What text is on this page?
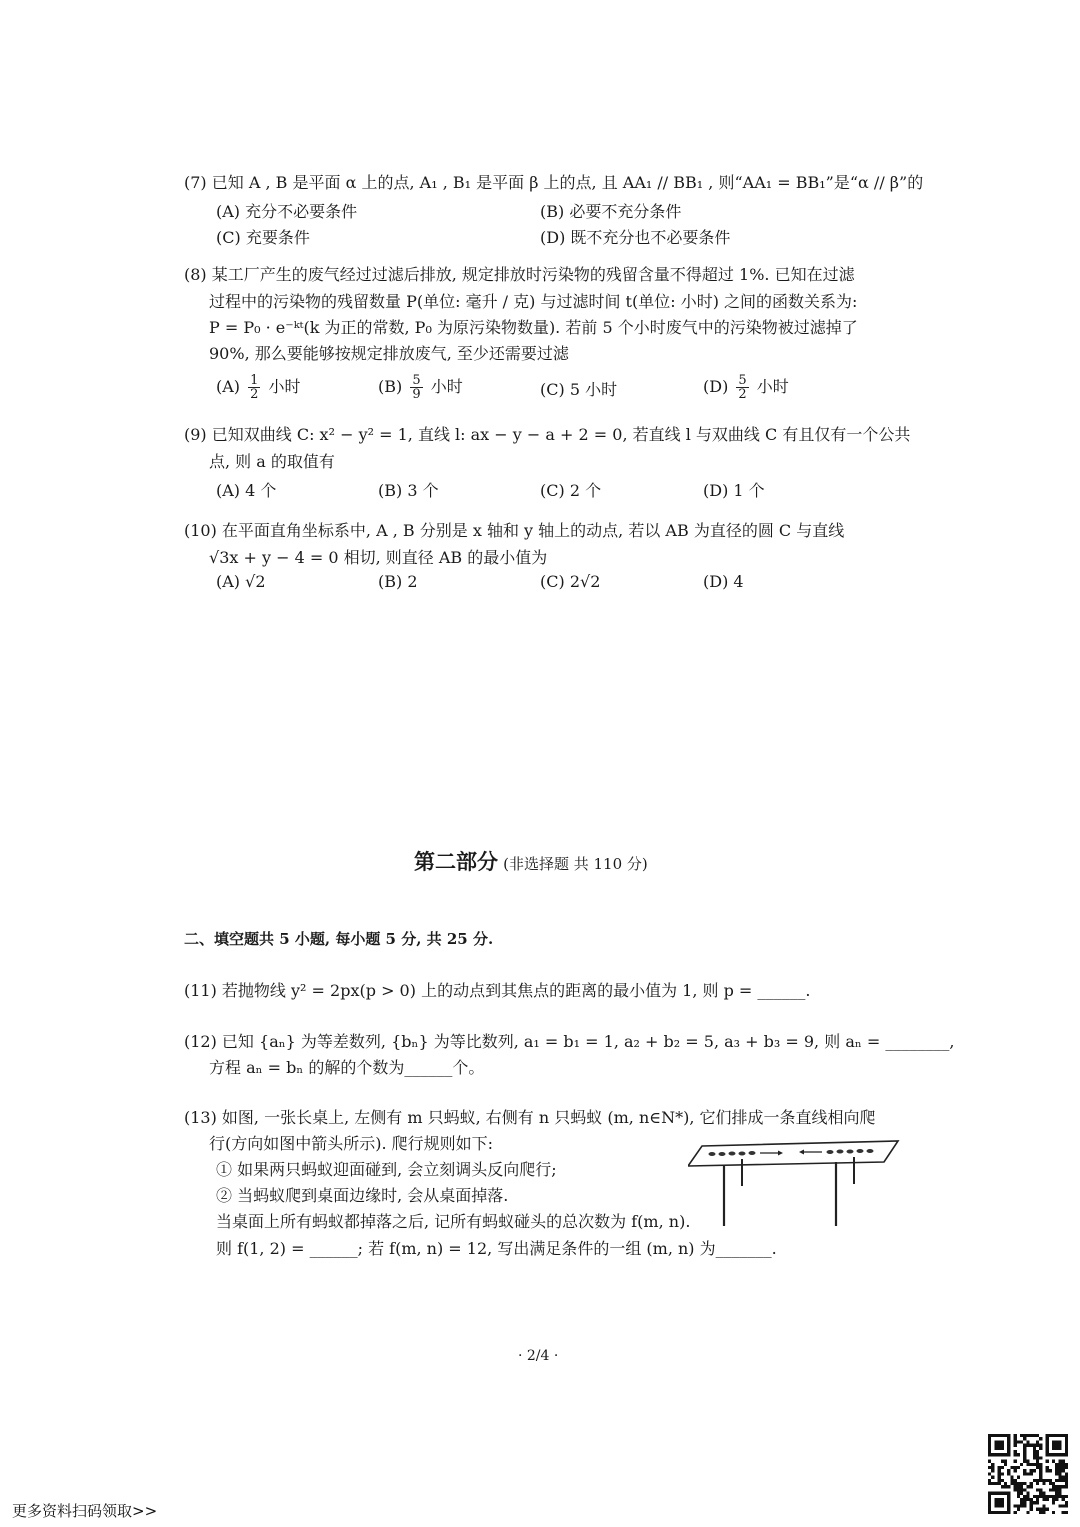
(7) 已知 A , B 是平面 α 上的点, A₁ , B₁ 是平面 β 上的点, 且 AA₁ // BB₁ , 则“AA₁ = BB₁”是“α // β”的
(A) 充分不必要条件	(B) 必要不充分条件
(C) 充要条件	(D) 既不充分也不必要条件
(8) 某工厂产生的废气经过过滤后排放, 规定排放时污染物的残留含量不得超过 1%. 已知在过滤
过程中的污染物的残留数量 P(单位: 毫升 / 克) 与过滤时间 t(单位: 小时) 之间的函数关系为:
P = P₀ · e⁻ᵏᵗ(k 为正的常数, P₀ 为原污染物数量). 若前 5 个小时废气中的污染物被过滤掉了
90%, 那么要能够按规定排放废气, 至少还需要过滤
$(A) \frac{1}{2}$ 小时	$(B) \frac{5}{9}$ 小时	(C) 5 小时	$(D) \frac{5}{2}$ 小时
(9) 已知双曲线 C: x² − y² = 1, 直线 l: ax − y − a + 2 = 0, 若直线 l 与双曲线 C 有且仅有一个公共
点, 则 a 的取值有
(A) 4 个	(B) 3 个	(C) 2 个	(D) 1 个
(10) 在平面直角坐标系中, A , B 分别是 x 轴和 y 轴上的动点, 若以 AB 为直径的圆 C 与直线
√3x + y − 4 = 0 相切, 则直径 AB 的最小值为
(A) √2	(B) 2	(C) 2√2	(D) 4
第二部分 (非选择题 共 110 分)
二、填空题共 5 小题, 每小题 5 分, 共 25 分.
(11) 若抛物线 y² = 2px(p > 0) 上的动点到其焦点的距离的最小值为 1, 则 p = ______.
(12) 已知 {aₙ} 为等差数列, {bₙ} 为等比数列, a₁ = b₁ = 1, a₂ + b₂ = 5, a₃ + b₃ = 9, 则 aₙ = ________,
方程 aₙ = bₙ 的解的个数为______个。
(13) 如图, 一张长桌上, 左侧有 m 只蚂蚁, 右侧有 n 只蚂蚁 (m, n∈N*), 它们排成一条直线相向爬
行(方向如图中箭头所示). 爬行规则如下:
① 如果两只蚂蚁迎面碰到, 会立刻调头反向爬行;
② 当蚂蚁爬到桌面边缘时, 会从桌面掉落.
当桌面上所有蚂蚁都掉落之后, 记所有蚂蚁碰头的总次数为 f(m, n).
则 f(1, 2) = ______; 若 f(m, n) = 12, 写出满足条件的一组 (m, n) 为_______.
· 2/4 ·
更多资料扫码领取>>
